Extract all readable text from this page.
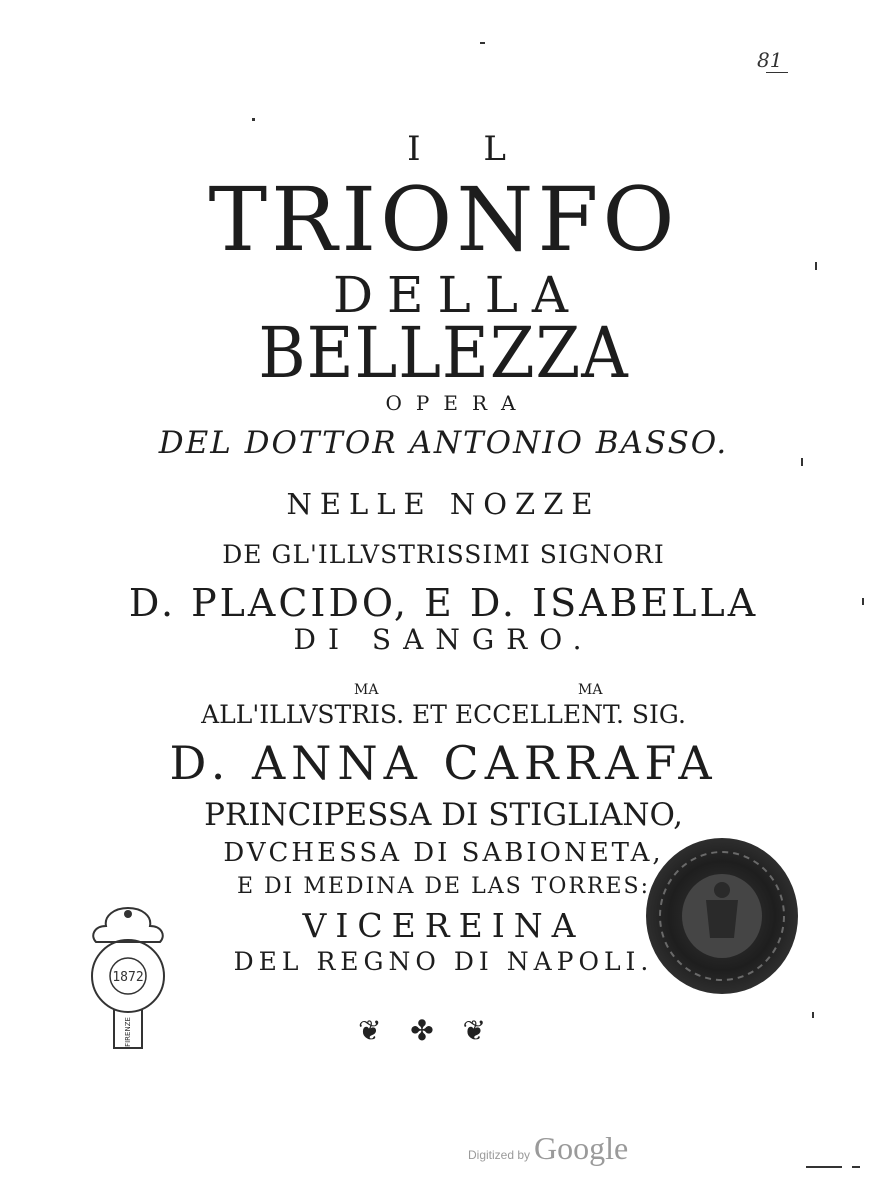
81
I L
TRIONFO
DELLA
BELLEZZA
OPERA
DEL DOTTOR ANTONIO BASSO.
NELLE NOZZE
DE GL'ILLVSTRISSIMI SIGNORI
D. PLACIDO, E D. ISABELLA
DI SANGRO.
MA	MA
ALL'ILLVSTRIS. ET ECCELLENT. SIG.
D. ANNA CARRAFA
PRINCIPESSA DI STIGLIANO,
DVCHESSA DI SABIONETA,
E DI MEDINA DE LAS TORRES:
VICEREINA
DEL REGNO DI NAPOLI.
❦ ✤ ❦
1872
FIRENZE
Digitized by Google
